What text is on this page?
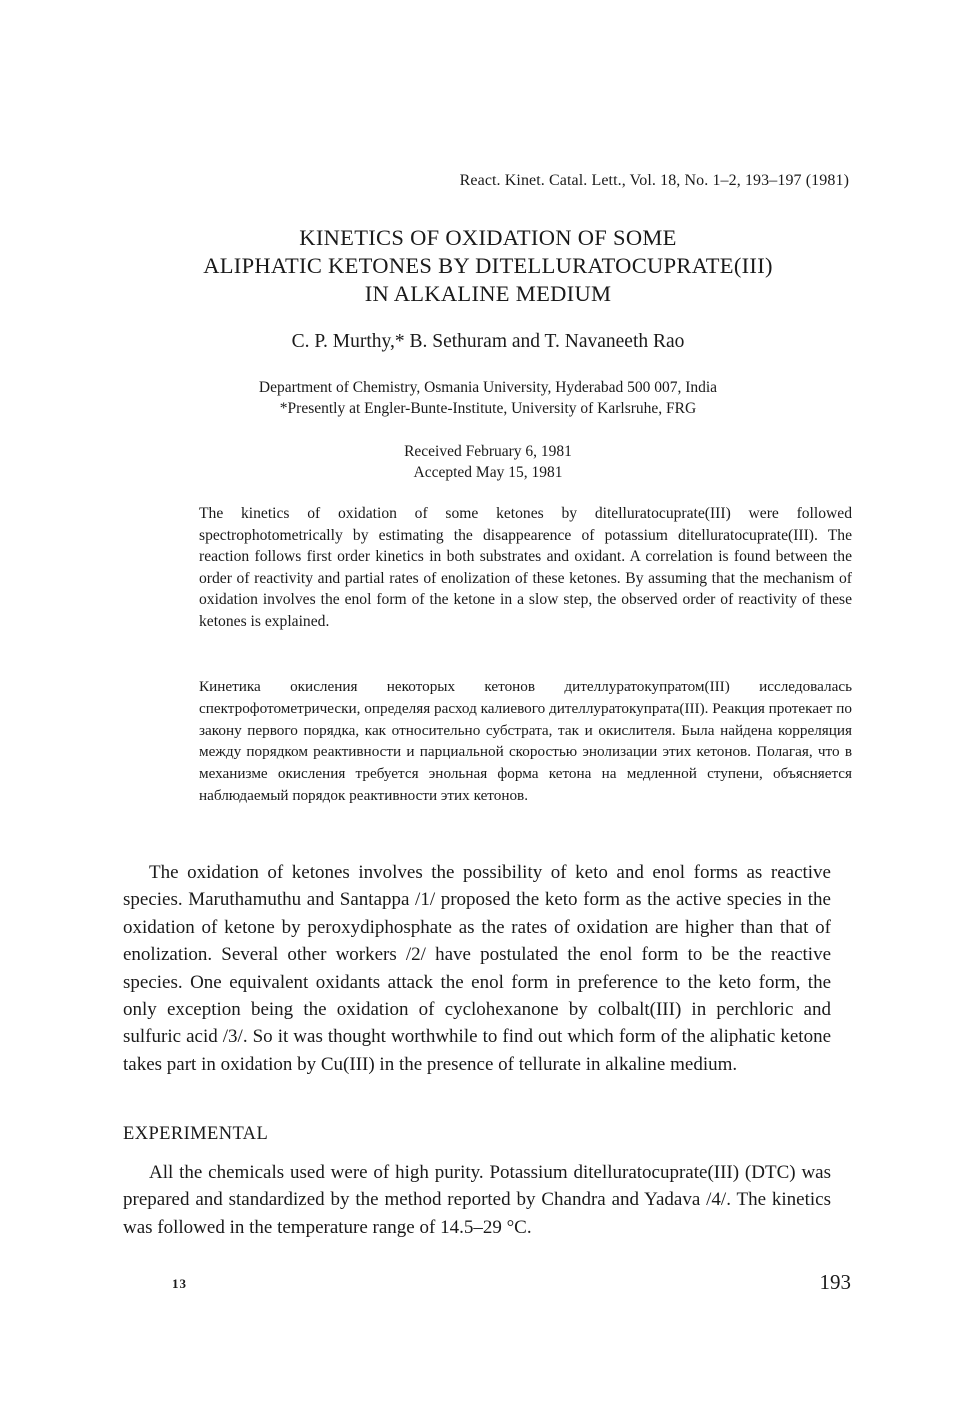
React. Kinet. Catal. Lett., Vol. 18, No. 1–2, 193–197 (1981)
KINETICS OF OXIDATION OF SOME
ALIPHATIC KETONES BY DITELLURATOCUPRATE(III)
IN ALKALINE MEDIUM
C. P. Murthy,* B. Sethuram and T. Navaneeth Rao
Department of Chemistry, Osmania University, Hyderabad 500 007, India
*Presently at Engler-Bunte-Institute, University of Karlsruhe, FRG
Received February 6, 1981
Accepted May 15, 1981

The kinetics of oxidation of some ketones by ditelluratocuprate(III) were followed spectrophotometrically by estimating the disappearence of potassium ditelluratocuprate(III). The reaction follows first order kinetics in both substrates and oxidant. A correlation is found between the order of reactivity and partial rates of enolization of these ketones. By assuming that the mechanism of oxidation involves the enol form of the ketone in a slow step, the observed order of reactivity of these ketones is explained.

Кинетика окисления некоторых кетонов дителлуратокупратом(III) исследовалась спектрофотометрически, определяя расход калиевого дителлуратокупрата(III). Реакция протекает по закону первого порядка, как относительно субстрата, так и окислителя. Была найдена корреляция между порядком реактивности и парциальной скоростью энолизации этих кетонов. Полагая, что в механизме окисления требуется энольная форма кетона на медленной ступени, объясняется наблюдаемый порядок реактивности этих кетонов.

The oxidation of ketones involves the possibility of keto and enol forms as reactive species. Maruthamuthu and Santappa /1/ proposed the keto form as the active species in the oxidation of ketone by peroxydiphosphate as the rates of oxidation are higher than that of enolization. Several other workers /2/ have postulated the enol form to be the reactive species. One equivalent oxidants attack the enol form in preference to the keto form, the only exception being the oxidation of cyclohexanone by colbalt(III) in perchloric and sulfuric acid /3/. So it was thought worthwhile to find out which form of the aliphatic ketone takes part in oxidation by Cu(III) in the presence of tellurate in alkaline medium.

EXPERIMENTAL

All the chemicals used were of high purity. Potassium ditelluratocuprate(III) (DTC) was prepared and standardized by the method reported by Chandra and Yadava /4/. The kinetics was followed in the temperature range of 14.5–29 °C.

13	193
